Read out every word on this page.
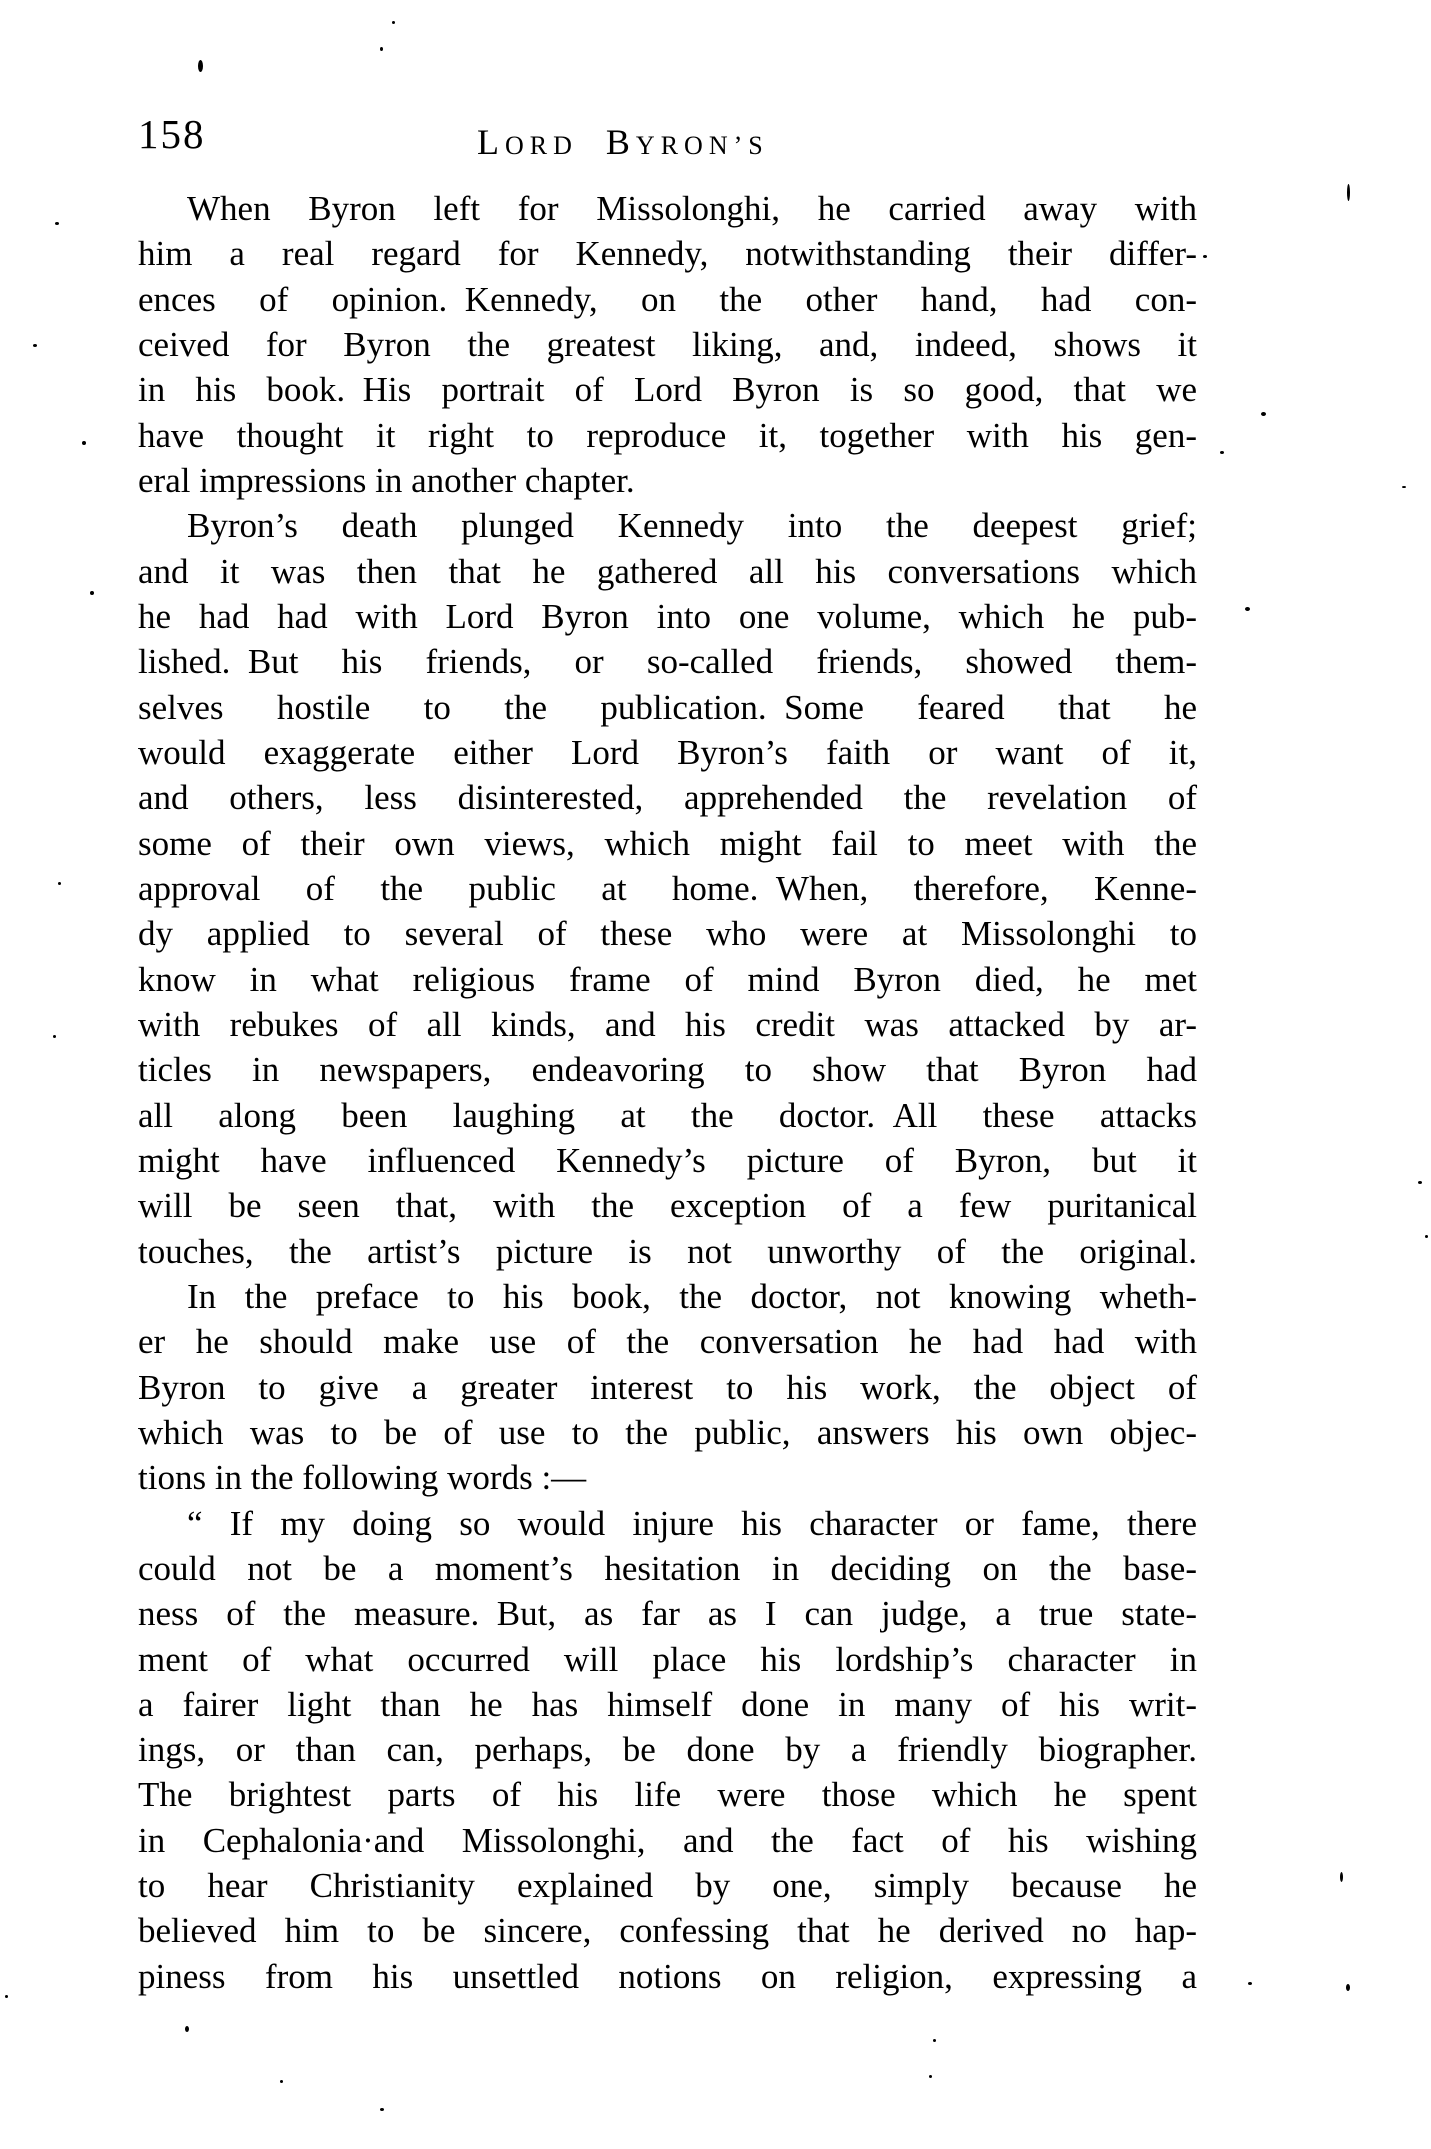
158	LORD BYRON’S
When Byron left for Missolonghi, he carried away with
him a real regard for Kennedy, notwithstanding their differ-
ences of opinion. Kennedy, on the other hand, had con-
ceived for Byron the greatest liking, and, indeed, shows it
in his book. His portrait of Lord Byron is so good, that we
have thought it right to reproduce it, together with his gen-
eral impressions in another chapter.
Byron’s death plunged Kennedy into the deepest grief;
and it was then that he gathered all his conversations which
he had had with Lord Byron into one volume, which he pub-
lished. But his friends, or so-called friends, showed them-
selves hostile to the publication. Some feared that he
would exaggerate either Lord Byron’s faith or want of it,
and others, less disinterested, apprehended the revelation of
some of their own views, which might fail to meet with the
approval of the public at home. When, therefore, Kenne-
dy applied to several of these who were at Missolonghi to
know in what religious frame of mind Byron died, he met
with rebukes of all kinds, and his credit was attacked by ar-
ticles in newspapers, endeavoring to show that Byron had
all along been laughing at the doctor. All these attacks
might have influenced Kennedy’s picture of Byron, but it
will be seen that, with the exception of a few puritanical
touches, the artist’s picture is not unworthy of the original.
In the preface to his book, the doctor, not knowing wheth-
er he should make use of the conversation he had had with
Byron to give a greater interest to his work, the object of
which was to be of use to the public, answers his own objec-
tions in the following words :—
“ If my doing so would injure his character or fame, there
could not be a moment’s hesitation in deciding on the base-
ness of the measure. But, as far as I can judge, a true state-
ment of what occurred will place his lordship’s character in
a fairer light than he has himself done in many of his writ-
ings, or than can, perhaps, be done by a friendly biographer.
The brightest parts of his life were those which he spent
in Cephalonia·and Missolonghi, and the fact of his wishing
to hear Christianity explained by one, simply because he
believed him to be sincere, confessing that he derived no hap-
piness from his unsettled notions on religion, expressing a
